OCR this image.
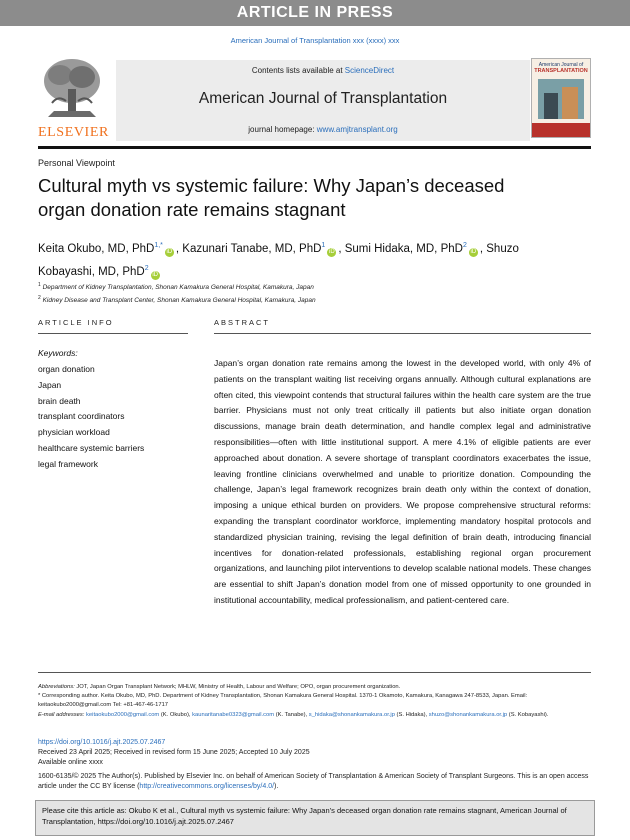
ARTICLE IN PRESS
American Journal of Transplantation xxx (xxxx) xxx
ELSEVIER
Contents lists available at ScienceDirect
American Journal of Transplantation
journal homepage: www.amjtransplant.org
American Journal of
TRANSPLANTATION
Personal Viewpoint
Cultural myth vs systemic failure: Why Japan’s deceased organ donation rate remains stagnant
Keita Okubo, MD, PhD$^{1,*}$iD , Kazunari Tanabe, MD, PhD$^1$iD , Sumi Hidaka, MD, PhD$^2$iD , Shuzo Kobayashi, MD, PhD$^2$iD
$^1$ Department of Kidney Transplantation, Shonan Kamakura General Hospital, Kamakura, Japan
$^2$ Kidney Disease and Transplant Center, Shonan Kamakura General Hospital, Kamakura, Japan
ARTICLE INFO
Keywords:
organ donation
Japan
brain death
transplant coordinators
physician workload
healthcare systemic barriers
legal framework
ABSTRACT

Japan’s organ donation rate remains among the lowest in the developed world, with only 4% of patients on the transplant waiting list receiving organs annually. Although cultural explanations are often cited, this viewpoint contends that structural failures within the health care system are the true barrier. Physicians must not only treat critically ill patients but also initiate organ donation discussions, manage brain death determination, and handle complex legal and administrative responsibilities—often with little institutional support. A mere 4.1% of eligible patients are ever approached about donation. A severe shortage of transplant coordinators exacerbates the issue, leaving frontline clinicians overwhelmed and unable to prioritize donation. Compounding the challenge, Japan’s legal framework recognizes brain death only within the context of donation, imposing a unique ethical burden on providers. We propose comprehensive structural reforms: expanding the transplant coordinator workforce, implementing mandatory hospital protocols and standardized physician training, revising the legal definition of brain death, introducing financial incentives for donation-related professionals, establishing regional organ procurement organizations, and launching pilot interventions to develop scalable national models. These changes are essential to shift Japan’s donation model from one of missed opportunity to one grounded in institutional accountability, medical professionalism, and patient-centered care.

Abbreviations: JOT, Japan Organ Transplant Network; MHLW, Ministry of Health, Labour and Welfare; OPO, organ procurement organization.
* Corresponding author. Keita Okubo, MD, PhD. Department of Kidney Transplantation, Shonan Kamakura General Hospital. 1370-1 Okamoto, Kamakura, Kanagawa 247-8533, Japan. Email: keitaokubo2000@gmail.com Tel: +81-467-46-1717
E-mail addresses: keitaokubo2000@gmail.com (K. Okubo), kaunaritanabe0323@gmail.com (K. Tanabe), s_hidaka@shonankamakura.or.jp (S. Hidaka), shuzo@shonankamakura.or.jp (S. Kobayashi).
https://doi.org/10.1016/j.ajt.2025.07.2467
Received 23 April 2025; Received in revised form 15 June 2025; Accepted 10 July 2025
Available online xxxx
1600-6135/© 2025 The Author(s). Published by Elsevier Inc. on behalf of American Society of Transplantation & American Society of Transplant Surgeons. This is an open access article under the CC BY license (http://creativecommons.org/licenses/by/4.0/).
Please cite this article as: Okubo K et al., Cultural myth vs systemic failure: Why Japan’s deceased organ donation rate remains stagnant, American Journal of Transplantation, https://doi.org/10.1016/j.ajt.2025.07.2467
